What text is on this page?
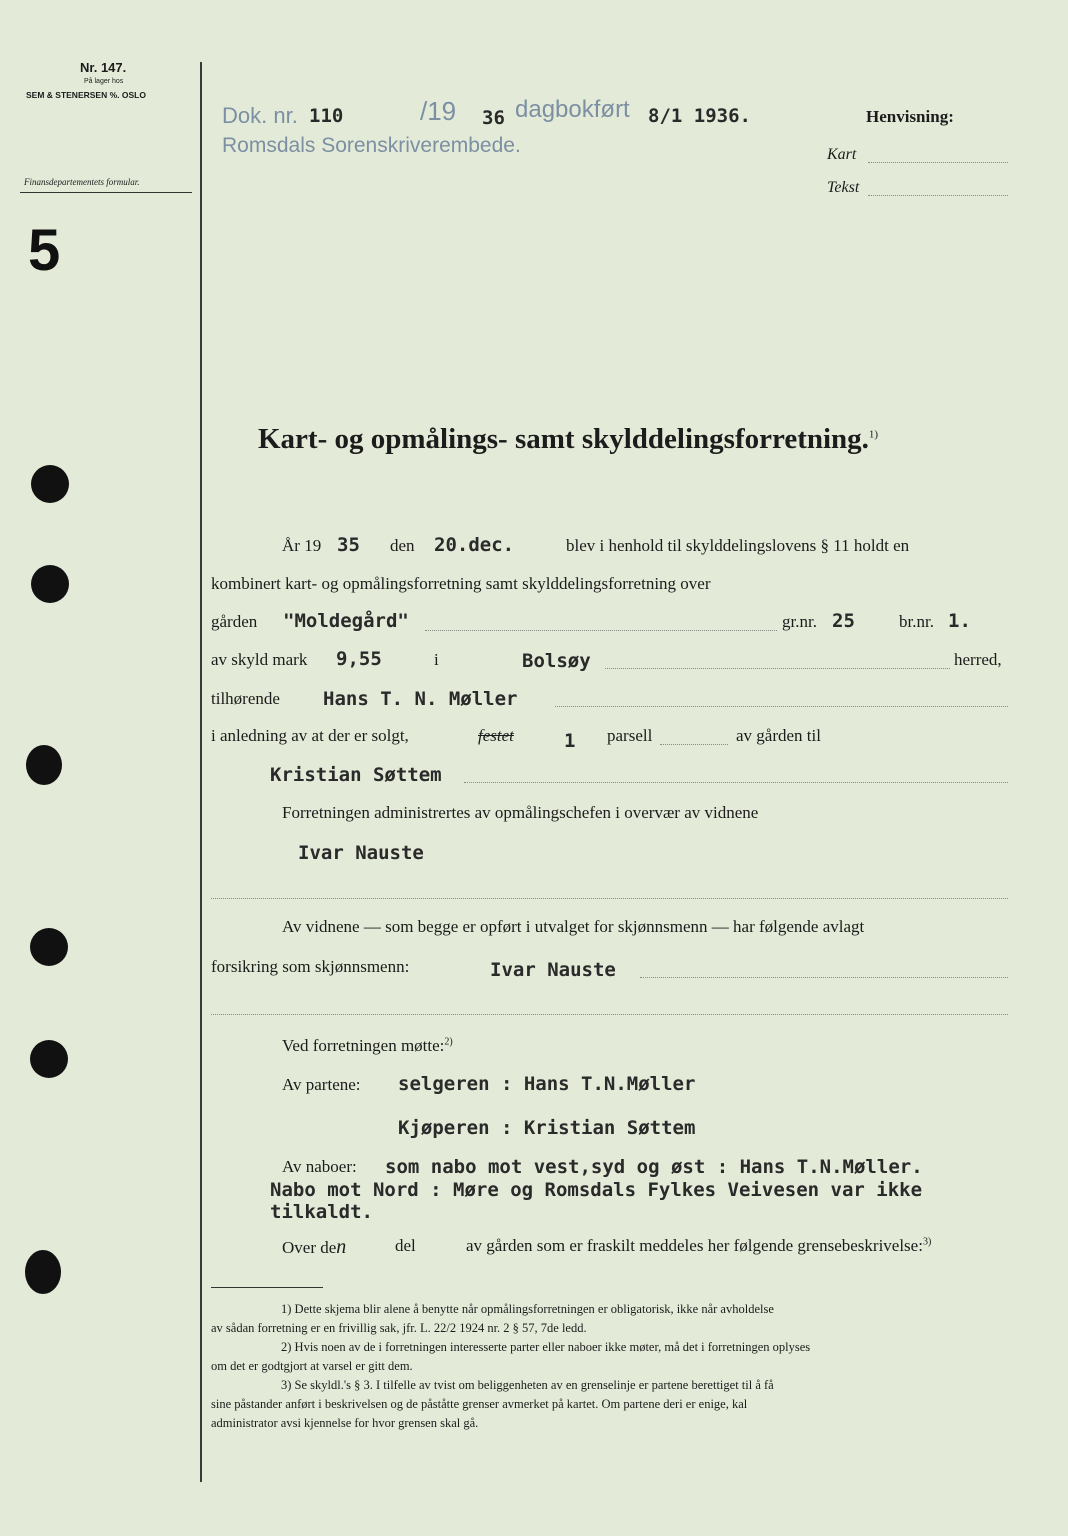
Nr. 147.
På lager hos
SEM & STENERSEN %. OSLO
Finansdepartementets formular.
5
Dok. nr. 110	/19 36 dagbokført 8/1 1936.
Romsdals Sorenskriverembede.
Henvisning:
Kart
Tekst
Kart- og opmålings- samt skylddelingsforretning.$^{1)}$
År 19 35 den 20.dec.	blev i henhold til skylddelingslovens § 11 holdt en
kombinert kart- og opmålingsforretning samt skylddelingsforretning over
gården "Moldegård"	gr.nr. 25	br.nr. 1.
av skyld mark 9,55	i	Bolsøy	herred,
tilhørende Hans T. N. Møller
i anledning av at der er solgt,	festet	1 parsell	av gården til
Kristian Søttem
Forretningen administrertes av opmålingschefen i overvær av vidnene
Ivar Nauste
Av vidnene — som begge er opført i utvalget for skjønnsmenn — har følgende avlagt
forsikring som skjønnsmenn:	Ivar Nauste
Ved forretningen møtte:$^{2)}$
Av partene: selgeren : Hans T.N.Møller
Kjøperen : Kristian Søttem
Av naboer: som nabo mot vest,syd og øst : Hans T.N.Møller.
Nabo mot Nord : Møre og Romsdals Fylkes Veivesen var ikke
tilkaldt.
Over den	del	av gården som er fraskilt meddeles her følgende grensebeskrivelse:$^{3)}$

1) Dette skjema blir alene å benytte når opmålingsforretningen er obligatorisk, ikke når avholdelse

av sådan forretning er en frivillig sak, jfr. L. 22/2 1924 nr. 2 § 57, 7de ledd.

2) Hvis noen av de i forretningen interesserte parter eller naboer ikke møter, må det i forretningen oplyses

om det er godtgjort at varsel er gitt dem.

3) Se skyldl.'s § 3. I tilfelle av tvist om beliggenheten av en grenselinje er partene berettiget til å få

sine påstander anført i beskrivelsen og de påståtte grenser avmerket på kartet. Om partene deri er enige, kal

administrator avsi kjennelse for hvor grensen skal gå.
